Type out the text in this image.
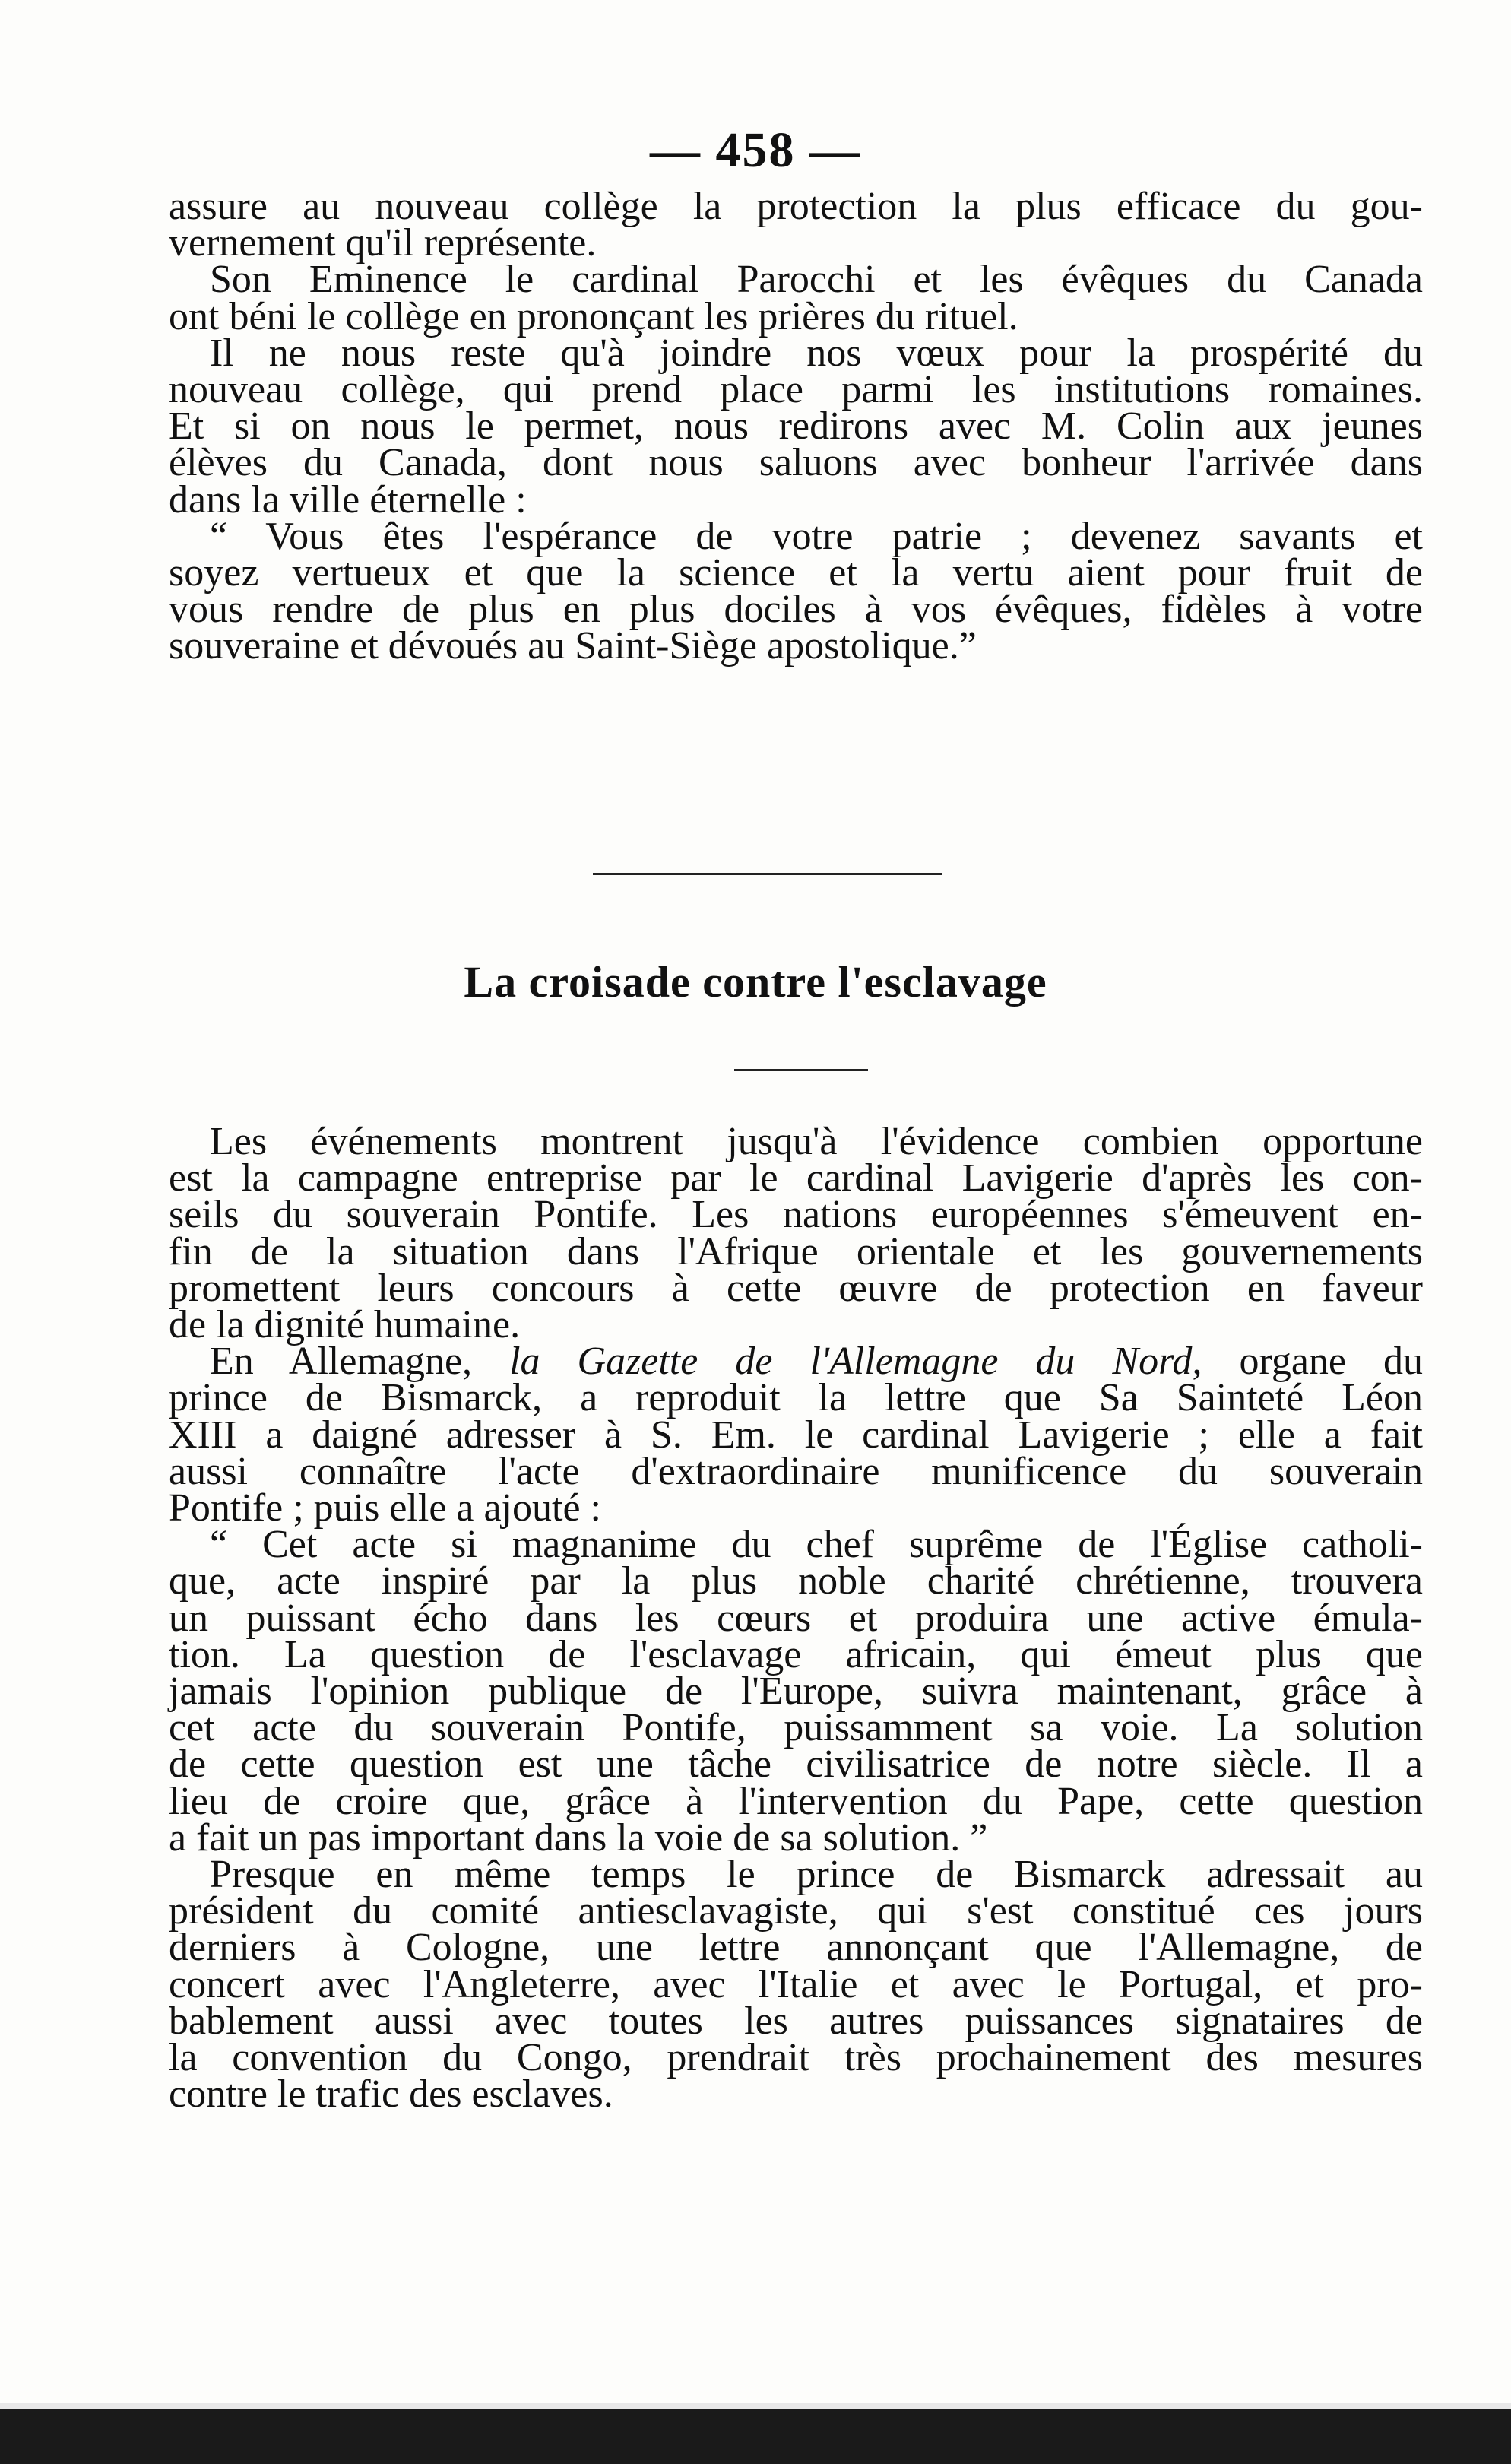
— 458 —
assure au nouveau collège la protection la plus efficace du gou-
vernement qu'il représente.
Son Eminence le cardinal Parocchi et les évêques du Canada
ont béni le collège en prononçant les prières du rituel.
Il ne nous reste qu'à joindre nos vœux pour la prospérité du
nouveau collège, qui prend place parmi les institutions romaines.
Et si on nous le permet, nous redirons avec M. Colin aux jeunes
élèves du Canada, dont nous saluons avec bonheur l'arrivée dans
dans la ville éternelle :
“ Vous êtes l'espérance de votre patrie ; devenez savants et
soyez vertueux et que la science et la vertu aient pour fruit de
vous rendre de plus en plus dociles à vos évêques, fidèles à votre
souveraine et dévoués au Saint-Siège apostolique.”
La croisade contre l'esclavage
Les événements montrent jusqu'à l'évidence combien opportune
est la campagne entreprise par le cardinal Lavigerie d'après les con-
seils du souverain Pontife. Les nations européennes s'émeuvent en-
fin de la situation dans l'Afrique orientale et les gouvernements
promettent leurs concours à cette œuvre de protection en faveur
de la dignité humaine.
En Allemagne, la Gazette de l'Allemagne du Nord, organe du
prince de Bismarck, a reproduit la lettre que Sa Sainteté Léon
XIII a daigné adresser à S. Em. le cardinal Lavigerie ; elle a fait
aussi connaître l'acte d'extraordinaire munificence du souverain
Pontife ; puis elle a ajouté :
“ Cet acte si magnanime du chef suprême de l'Église catholi-
que, acte inspiré par la plus noble charité chrétienne, trouvera
un puissant écho dans les cœurs et produira une active émula-
tion. La question de l'esclavage africain, qui émeut plus que
jamais l'opinion publique de l'Europe, suivra maintenant, grâce à
cet acte du souverain Pontife, puissamment sa voie. La solution
de cette question est une tâche civilisatrice de notre siècle. Il a
lieu de croire que, grâce à l'intervention du Pape, cette question
a fait un pas important dans la voie de sa solution. ”
Presque en même temps le prince de Bismarck adressait au
président du comité antiesclavagiste, qui s'est constitué ces jours
derniers à Cologne, une lettre annonçant que l'Allemagne, de
concert avec l'Angleterre, avec l'Italie et avec le Portugal, et pro-
bablement aussi avec toutes les autres puissances signataires de
la convention du Congo, prendrait très prochainement des mesures
contre le trafic des esclaves.
